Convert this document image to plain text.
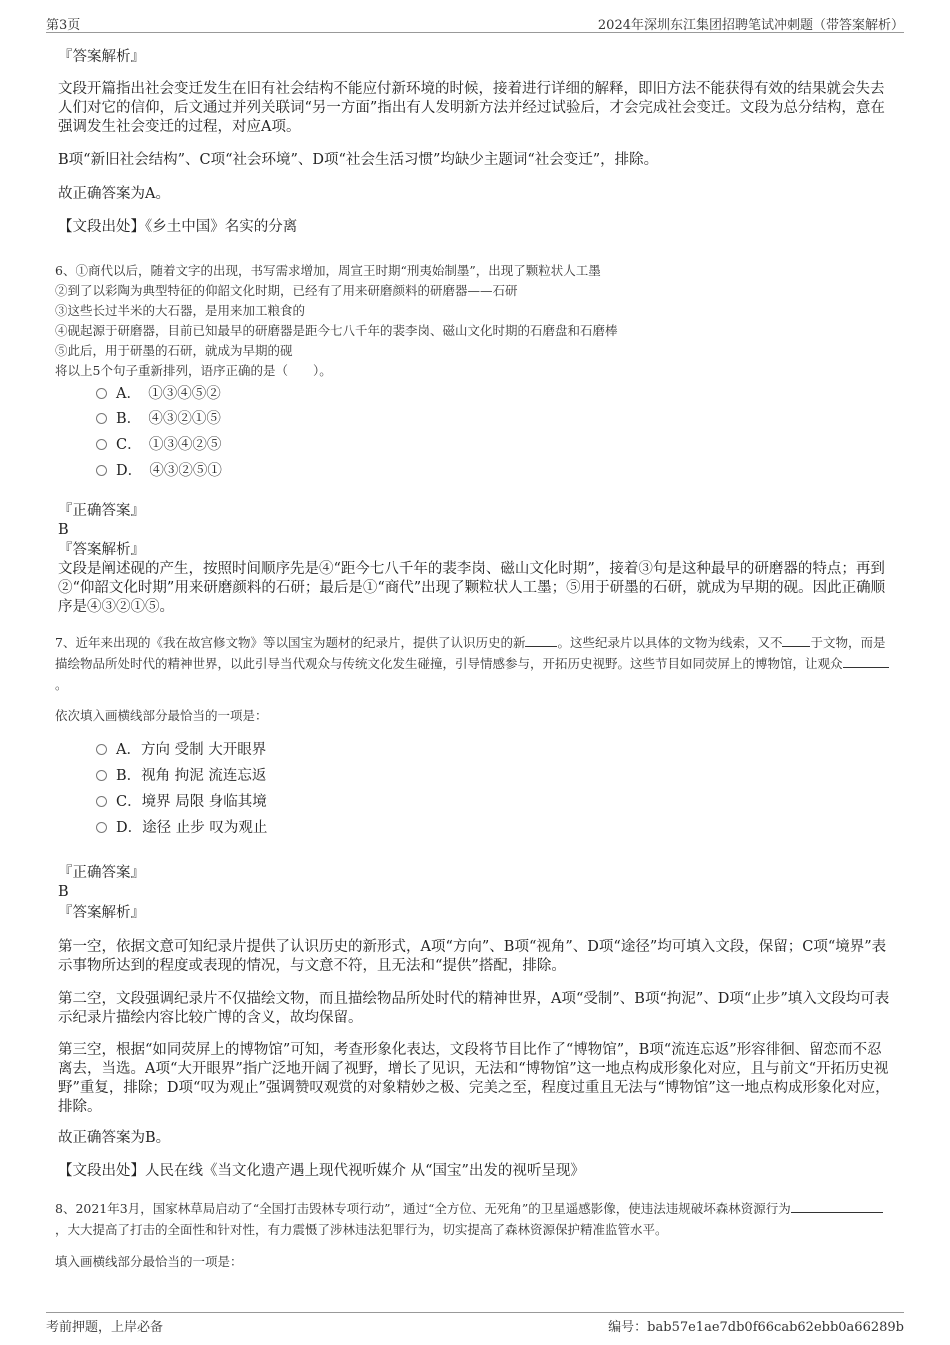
第3页	2024年深圳东江集团招聘笔试冲刺题（带答案解析）
『答案解析』
文段开篇指出社会变迁发生在旧有社会结构不能应付新环境的时候，接着进行详细的解释，即旧方法不能获得有效的结果就会失去人们对它的信仰，后文通过并列关联词“另一方面”指出有人发明新方法并经过试验后，才会完成社会变迁。文段为总分结构，意在强调发生社会变迁的过程，对应A项。
B项“新旧社会结构”、C项“社会环境”、D项“社会生活习惯”均缺少主题词“社会变迁”，排除。
故正确答案为A。
【文段出处】《乡土中国》名实的分离
6、①商代以后，随着文字的出现，书写需求增加，周宣王时期“刑夷始制墨”，出现了颗粒状人工墨
②到了以彩陶为典型特征的仰韶文化时期，已经有了用来研磨颜料的研磨器——石研
③这些长过半米的大石器，是用来加工粮食的
④砚起源于研磨器，目前已知最早的研磨器是距今七八千年的裴李岗、磁山文化时期的石磨盘和石磨棒
⑤此后，用于研墨的石研，就成为早期的砚
将以上5个句子重新排列，语序正确的是（　　）。
A．　①③④⑤②
B．　④③②①⑤
C．　①③④②⑤
D．　④③②⑤①
『正确答案』
B
『答案解析』
文段是阐述砚的产生，按照时间顺序先是④“距今七八千年的裴李岗、磁山文化时期”，接着③句是这种最早的研磨器的特点；再到②“仰韶文化时期”用来研磨颜料的石研；最后是①“商代”出现了颗粒状人工墨；⑤用于研墨的石研，就成为早期的砚。因此正确顺序是④③②①⑤。
7、近年来出现的《我在故宫修文物》等以国宝为题材的纪录片，提供了认识历史的新	。这些纪录片以具体的文物为线索，又不 于文物，而是描绘物品所处时代的精神世界，以此引导当代观众与传统文化发生碰撞，引导情感参与，开拓历史视野。这些节目如同荧屏上的博物馆，让观众。
依次填入画横线部分最恰当的一项是：
A．方向 受制 大开眼界
B．视角 拘泥 流连忘返
C．境界 局限 身临其境
D．途径 止步 叹为观止
『正确答案』
B
『答案解析』
第一空，依据文意可知纪录片提供了认识历史的新形式，A项“方向”、B项“视角”、D项“途径”均可填入文段，保留；C项“境界”表示事物所达到的程度或表现的情况，与文意不符，且无法和“提供”搭配，排除。
第二空，文段强调纪录片不仅描绘文物，而且描绘物品所处时代的精神世界，A项“受制”、B项“拘泥”、D项“止步”填入文段均可表示纪录片描绘内容比较广博的含义，故均保留。
第三空，根据“如同荧屏上的博物馆”可知，考查形象化表达，文段将节目比作了“博物馆”，B项“流连忘返”形容徘徊、留恋而不忍离去，当选。A项“大开眼界”指广泛地开阔了视野，增长了见识，无法和“博物馆”这一地点构成形象化对应，且与前文“开拓历史视野”重复，排除；D项“叹为观止”强调赞叹观赏的对象精妙之极、完美之至，程度过重且无法与“博物馆”这一地点构成形象化对应，排除。
故正确答案为B。
【文段出处】人民在线《当文化遗产遇上现代视听媒介 从“国宝”出发的视听呈现》
8、2021年3月，国家林草局启动了“全国打击毁林专项行动”，通过“全方位、无死角”的卫星遥感影像，使违法违规破坏森林资源行为，大大提高了打击的全面性和针对性，有力震慑了涉林违法犯罪行为，切实提高了森林资源保护精准监管水平。
填入画横线部分最恰当的一项是：
考前押题，上岸必备	编号：bab57e1ae7db0f66cab62ebb0a66289b
